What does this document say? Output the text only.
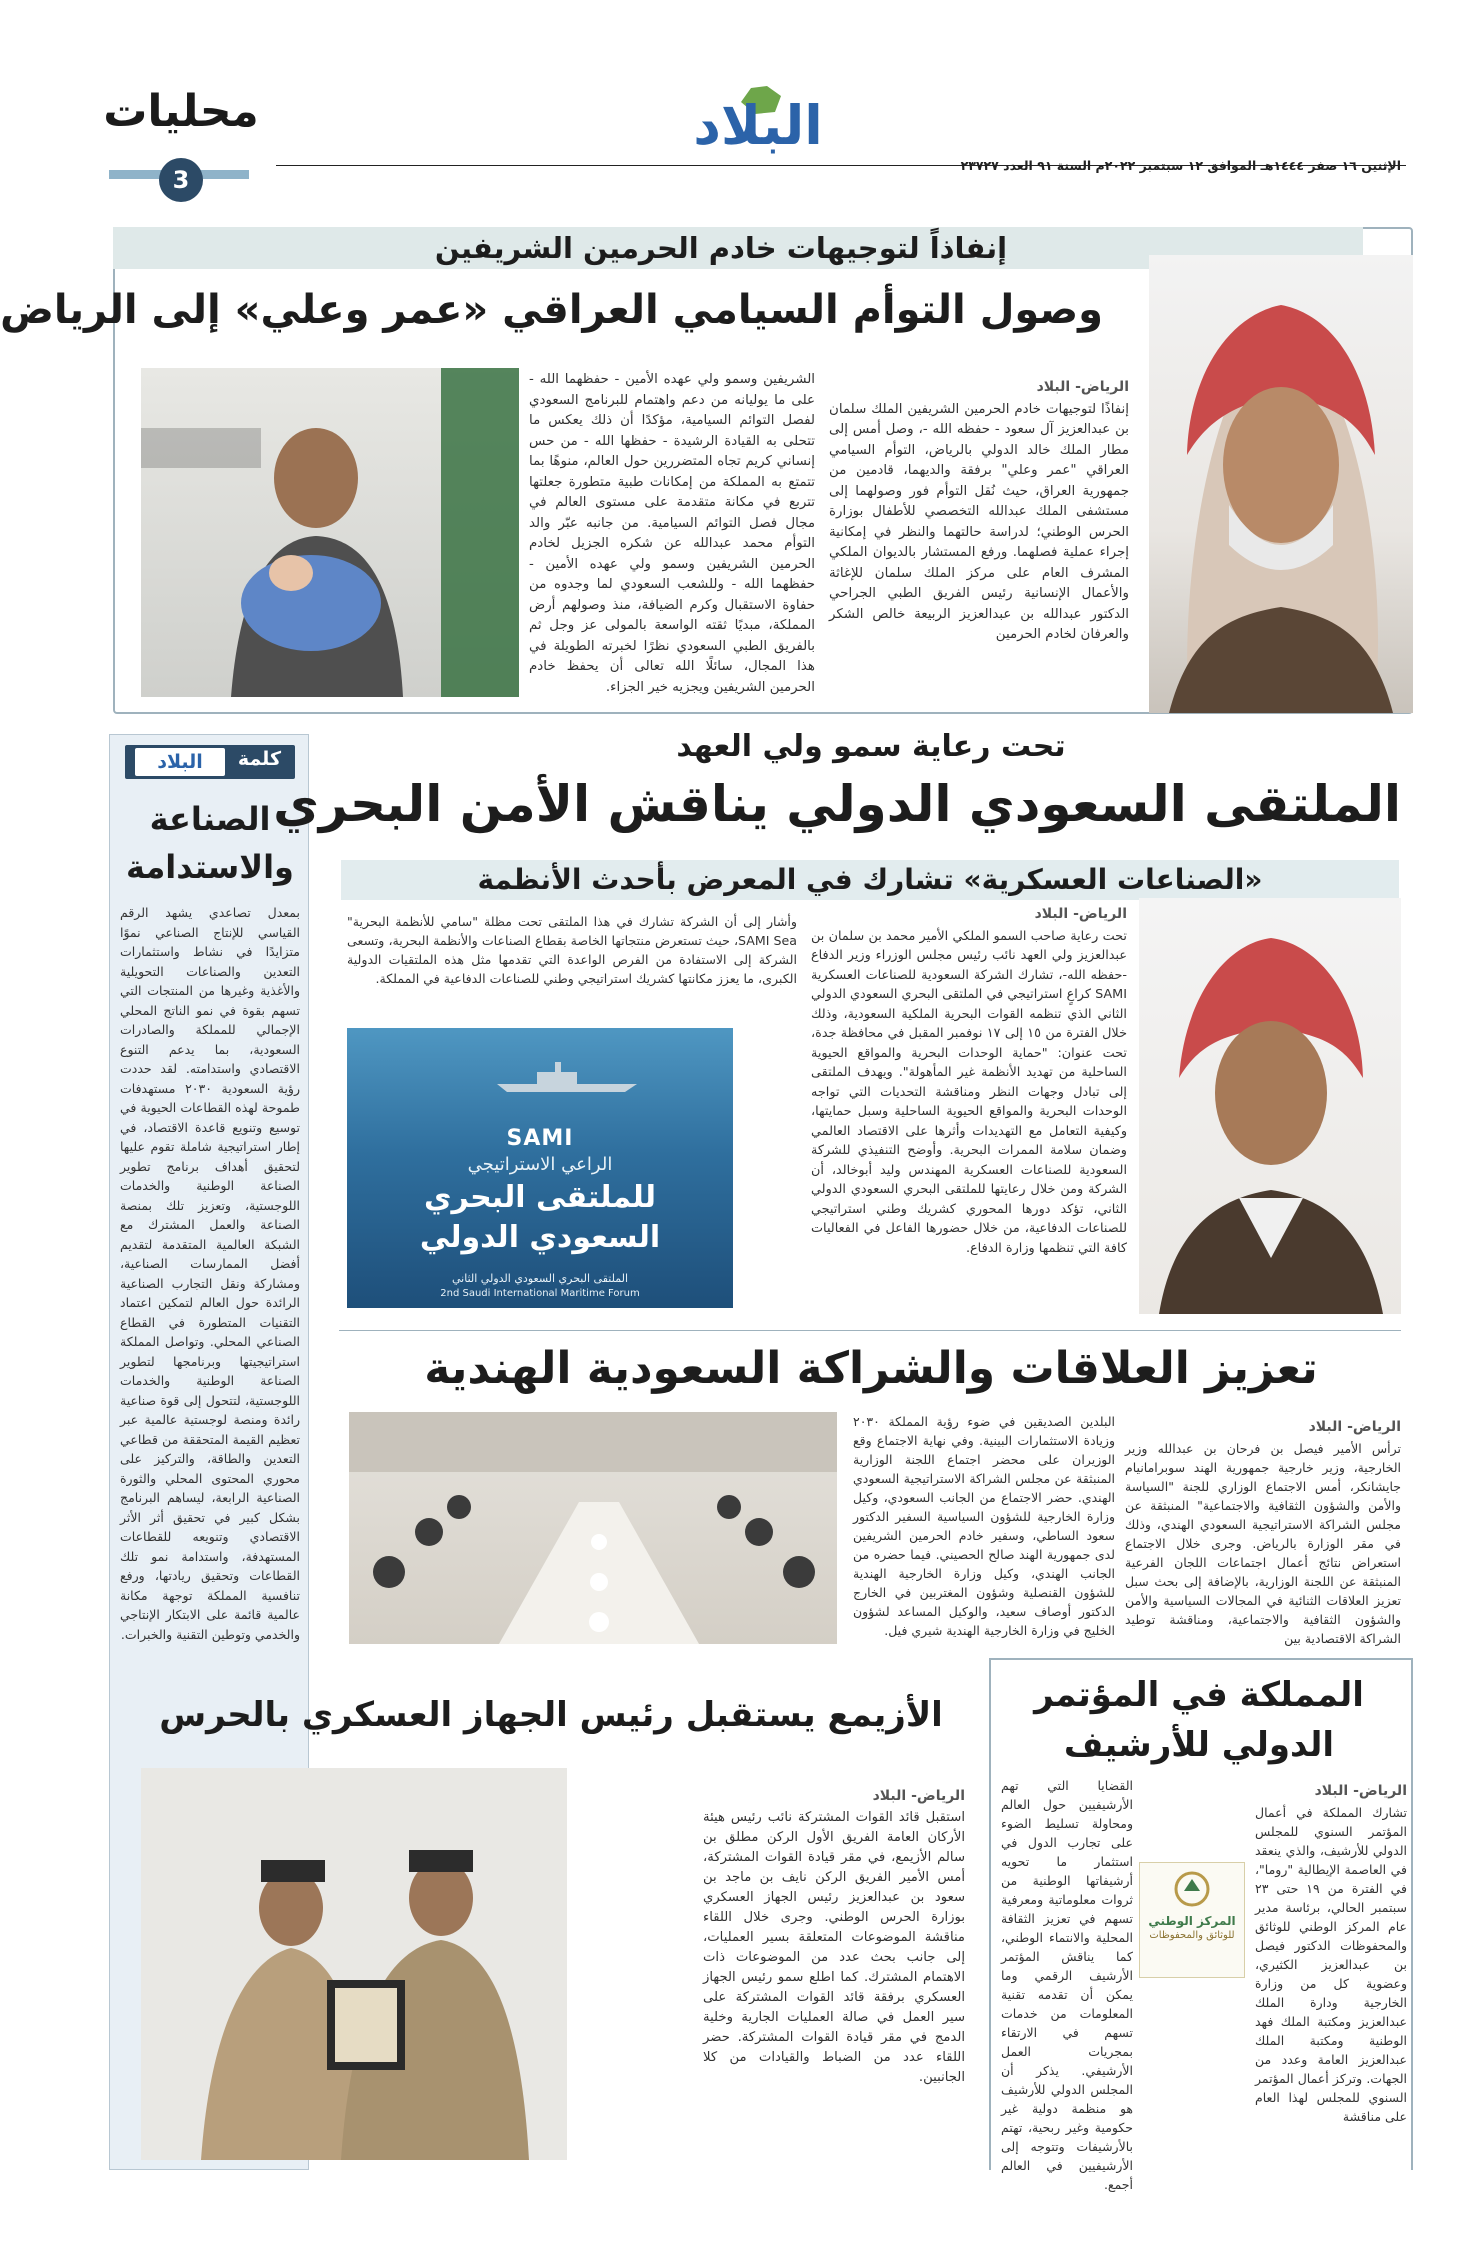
محليات
3
البلاد
الإثنين ١٦ صفر ١٤٤٤هـ الموافق ١٢ سبتمبر ٢٠٢٢م السنة ٩١ العدد ٢٣٧٢٧
إنفاذاً لتوجيهات خادم الحرمين الشريفين
وصول التوأم السيامي العراقي «عمر وعلي» إلى الرياض
الرياض- البلاد
إنفاذًا لتوجيهات خادم الحرمين الشريفين الملك سلمان بن عبدالعزيز آل سعود - حفظه الله -، وصل أمس إلى مطار الملك خالد الدولي بالرياض، التوأم السيامي العراقي "عمر وعلي" برفقة والديهما، قادمين من جمهورية العراق، حيث نُقل التوأم فور وصولهما إلى مستشفى الملك عبدالله التخصصي للأطفال بوزارة الحرس الوطني؛ لدراسة حالتهما والنظر في إمكانية إجراء عملية فصلهما. ورفع المستشار بالديوان الملكي المشرف العام على مركز الملك سلمان للإغاثة والأعمال الإنسانية رئيس الفريق الطبي الجراحي الدكتور عبدالله بن عبدالعزيز الربيعة خالص الشكر والعرفان لخادم الحرمين
الشريفين وسمو ولي عهده الأمين - حفظهما الله - على ما يوليانه من دعم واهتمام للبرنامج السعودي لفصل التوائم السيامية، مؤكدًا أن ذلك يعكس ما تتحلى به القيادة الرشيدة - حفظها الله - من حس إنساني كريم تجاه المتضررين حول العالم، منوهًا بما تتمتع به المملكة من إمكانات طبية متطورة جعلتها تتربع في مكانة متقدمة على مستوى العالم في مجال فصل التوائم السيامية. من جانبه عبّر والد التوأم محمد عبدالله عن شكره الجزيل لخادم الحرمين الشريفين وسمو ولي عهده الأمين - حفظهما الله - وللشعب السعودي لما وجدوه من حفاوة الاستقبال وكرم الضيافة، منذ وصولهم أرض المملكة، مبديًا ثقته الواسعة بالمولى عز وجل ثم بالفريق الطبي السعودي نظرًا لخبرته الطويلة في هذا المجال، سائلًا الله تعالى أن يحفظ خادم الحرمين الشريفين ويجزيه خير الجزاء.
كلمة
البلاد
الصناعة والاستدامة
بمعدل تصاعدي يشهد الرقم القياسي للإنتاج الصناعي نموًا متزايدًا في نشاط واستثمارات التعدين والصناعات التحويلية والأغذية وغيرها من المنتجات التي تسهم بقوة في نمو الناتج المحلي الإجمالي للمملكة والصادرات السعودية، بما يدعم التنوع الاقتصادي واستدامته. لقد حددت رؤية السعودية ٢٠٣٠ مستهدفات طموحة لهذه القطاعات الحيوية في توسيع وتنويع قاعدة الاقتصاد، في إطار استراتيجية شاملة تقوم عليها لتحقيق أهداف برنامج تطوير الصناعة الوطنية والخدمات اللوجستية، وتعزيز تلك بمنصة الصناعة والعمل المشترك مع الشبكة العالمية المتقدمة لتقديم أفضل الممارسات الصناعية، ومشاركة ونقل التجارب الصناعية الرائدة حول العالم لتمكين اعتماد التقنيات المتطورة في القطاع الصناعي المحلي. وتواصل المملكة استراتيجيتها وبرنامجها لتطوير الصناعة الوطنية والخدمات اللوجستية، لتتحول إلى قوة صناعية رائدة ومنصة لوجستية عالمية عبر تعظيم القيمة المتحققة من قطاعي التعدين والطاقة، والتركيز على محوري المحتوى المحلي والثورة الصناعية الرابعة، ليساهم البرنامج بشكل كبير في تحقيق أثر الأثر الاقتصادي وتنويعه للقطاعات المستهدفة، واستدامة نمو تلك القطاعات وتحقيق ريادتها، ورفع تنافسية المملكة توجهة مكانة عالمية قائمة على الابتكار الإنتاجي والخدمي وتوطين التقنية والخبرات.
تحت رعاية سمو ولي العهد
الملتقى السعودي الدولي يناقش الأمن البحري
«الصناعات العسكرية» تشارك في المعرض بأحدث الأنظمة
SAMI
الراعي الاستراتيجي
للملتقى البحري
السعودي الدولي
الملتقى البحري السعودي الدولي الثاني
2nd Saudi International Maritime Forum
الرياض- البلاد
تحت رعاية صاحب السمو الملكي الأمير محمد بن سلمان بن عبدالعزيز ولي العهد نائب رئيس مجلس الوزراء وزير الدفاع -حفظه الله-، تشارك الشركة السعودية للصناعات العسكرية SAMI كراعٍ استراتيجي في الملتقى البحري السعودي الدولي الثاني الذي تنظمه القوات البحرية الملكية السعودية، وذلك خلال الفترة من ١٥ إلى ١٧ نوفمبر المقبل في محافظة جدة، تحت عنوان: "حماية الوحدات البحرية والمواقع الحيوية الساحلية من تهديد الأنظمة غير المأهولة". ويهدف الملتقى إلى تبادل وجهات النظر ومناقشة التحديات التي تواجه الوحدات البحرية والمواقع الحيوية الساحلية وسبل حمايتها، وكيفية التعامل مع التهديدات وأثرها على الاقتصاد العالمي وضمان سلامة الممرات البحرية. وأوضح التنفيذي للشركة السعودية للصناعات العسكرية المهندس وليد أبوخالد، أن الشركة ومن خلال رعايتها للملتقى البحري السعودي الدولي الثاني، تؤكد دورها المحوري كشريك وطني استراتيجي للصناعات الدفاعية، من خلال حضورها الفاعل في الفعاليات كافة التي تنظمها وزارة الدفاع.
وأشار إلى أن الشركة تشارك في هذا الملتقى تحت مظلة "سامي للأنظمة البحرية" SAMI Sea، حيث تستعرض منتجاتها الخاصة بقطاع الصناعات والأنظمة البحرية، وتسعى الشركة إلى الاستفادة من الفرص الواعدة التي تقدمها مثل هذه الملتقيات الدولية الكبرى، ما يعزز مكانتها كشريك استراتيجي وطني للصناعات الدفاعية في المملكة.
تعزيز العلاقات والشراكة السعودية الهندية
الرياض- البلاد
ترأس الأمير فيصل بن فرحان بن عبدالله وزير الخارجية، وزير خارجية جمهورية الهند سوبرامانيام جايشانكر، أمس الاجتماع الوزاري للجنة "السياسة والأمن والشؤون الثقافية والاجتماعية" المنبثقة عن مجلس الشراكة الاستراتيجية السعودي الهندي، وذلك في مقر الوزارة بالرياض. وجرى خلال الاجتماع استعراض نتائج أعمال اجتماعات اللجان الفرعية المنبثقة عن اللجنة الوزارية، بالإضافة إلى بحث سبل تعزيز العلاقات الثنائية في المجالات السياسية والأمن والشؤون الثقافية والاجتماعية، ومناقشة توطيد الشراكة الاقتصادية بين
البلدين الصديقين في ضوء رؤية المملكة ٢٠٣٠ وزيادة الاستثمارات البينية. وفي نهاية الاجتماع وقع الوزيران على محضر اجتماع اللجنة الوزارية المنبثقة عن مجلس الشراكة الاستراتيجية السعودي الهندي. حضر الاجتماع من الجانب السعودي، وكيل وزارة الخارجية للشؤون السياسية السفير الدكتور سعود الساطي، وسفير خادم الحرمين الشريفين لدى جمهورية الهند صالح الحصيني. فيما حضره من الجانب الهندي، وكيل وزارة الخارجية الهندية للشؤون القنصلية وشؤون المغتربين في الخارج الدكتور أوصاف سعيد، والوكيل المساعد لشؤون الخليج في وزارة الخارجية الهندية شيري فيل.
المملكة في المؤتمر الدولي للأرشيف
المركز الوطني
للوثائق والمحفوظات
الرياض- البلاد
تشارك المملكة في أعمال المؤتمر السنوي للمجلس الدولي للأرشيف، والذي ينعقد في العاصمة الإيطالية "روما"، في الفترة من ١٩ حتى ٢٣ سبتمبر الحالي، برئاسة مدير عام المركز الوطني للوثائق والمحفوظات الدكتور فيصل بن عبدالعزيز الكثيري، وعضوية كل من وزارة الخارجية ودارة الملك عبدالعزيز ومكتبة الملك فهد الوطنية ومكتبة الملك عبدالعزيز العامة وعدد من الجهات. وتركز أعمال المؤتمر السنوي للمجلس لهذا العام على مناقشة
القضايا التي تهم الأرشيفيين حول العالم ومحاولة تسليط الضوء على تجارب الدول في استثمار ما تحويه أرشيفاتها الوطنية من ثروات معلوماتية ومعرفية تسهم في تعزيز الثقافة المحلية والانتماء الوطني، كما يناقش المؤتمر الأرشيف الرقمي وما يمكن أن تقدمه تقنية المعلومات من خدمات تسهم في الارتقاء بمجريات العمل الأرشيفي. يذكر أن المجلس الدولي للأرشيف هو منظمة دولية غير حكومية وغير ربحية، تهتم بالأرشيفات وتتوجه إلى الأرشيفيين في العالم أجمع.
الأزيمع يستقبل رئيس الجهاز العسكري بالحرس
الرياض- البلاد
استقبل قائد القوات المشتركة نائب رئيس هيئة الأركان العامة الفريق الأول الركن مطلق بن سالم الأزيمع، في مقر قيادة القوات المشتركة، أمس الأمير الفريق الركن نايف بن ماجد بن سعود بن عبدالعزيز رئيس الجهاز العسكري بوزارة الحرس الوطني. وجرى خلال اللقاء مناقشة الموضوعات المتعلقة بسير العمليات، إلى جانب بحث عدد من الموضوعات ذات الاهتمام المشترك. كما اطلع سمو رئيس الجهاز العسكري برفقة قائد القوات المشتركة على سير العمل في صالة العمليات الجارية وخلية الدمج في مقر قيادة القوات المشتركة. حضر اللقاء عدد من الضباط والقيادات من كلا الجانبين.
